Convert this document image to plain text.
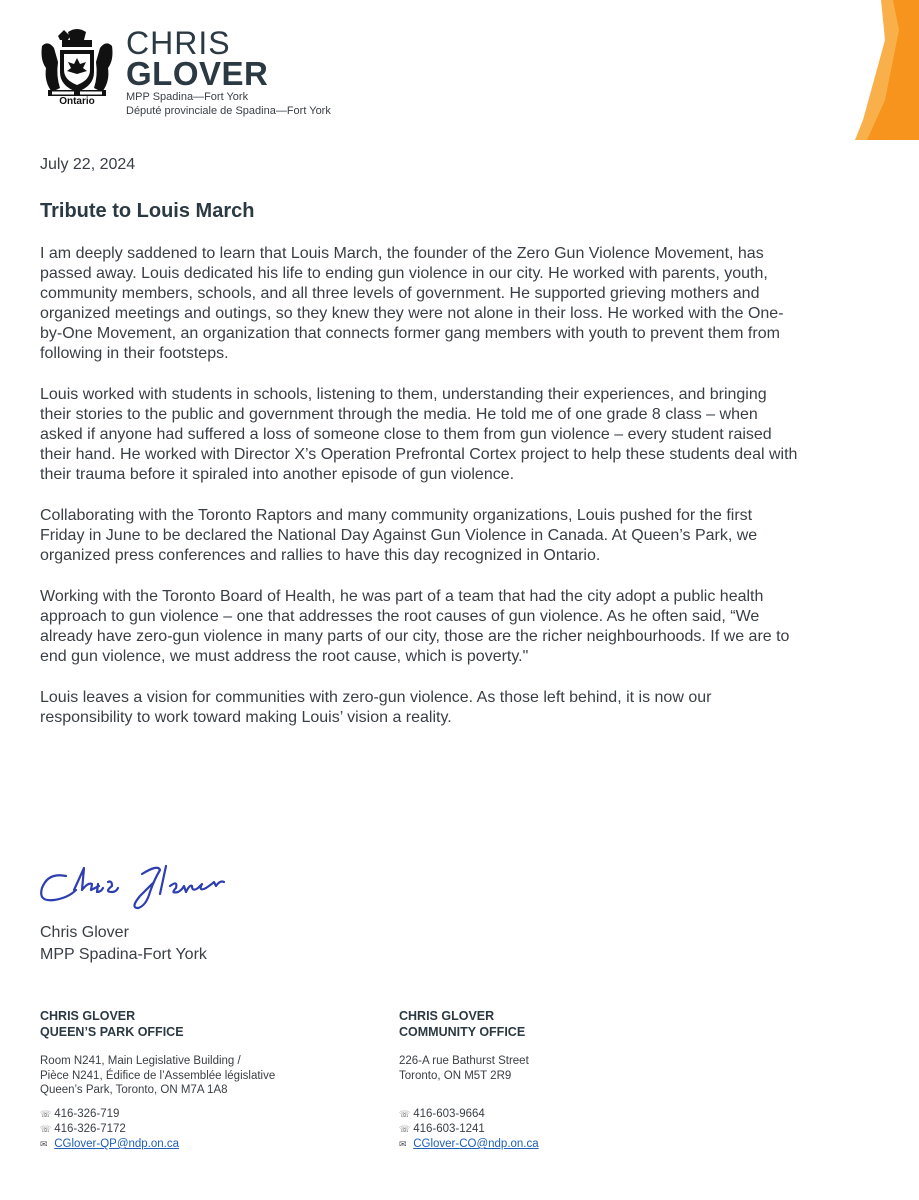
Ontario
CHRIS
GLOVER
MPP Spadina—Fort York
Député provinciale de Spadina—Fort York
July 22, 2024
Tribute to Louis March

I am deeply saddened to learn that Louis March, the founder of the Zero Gun Violence Movement, has passed away. Louis dedicated his life to ending gun violence in our city. He worked with parents, youth, community members, schools, and all three levels of government. He supported grieving mothers and organized meetings and outings, so they knew they were not alone in their loss. He worked with the One-by-One Movement, an organization that connects former gang members with youth to prevent them from following in their footsteps.

Louis worked with students in schools, listening to them, understanding their experiences, and bringing their stories to the public and government through the media. He told me of one grade 8 class – when asked if anyone had suffered a loss of someone close to them from gun violence – every student raised their hand. He worked with Director X’s Operation Prefrontal Cortex project to help these students deal with their trauma before it spiraled into another episode of gun violence.

Collaborating with the Toronto Raptors and many community organizations, Louis pushed for the first Friday in June to be declared the National Day Against Gun Violence in Canada. At Queen’s Park, we organized press conferences and rallies to have this day recognized in Ontario.

Working with the Toronto Board of Health, he was part of a team that had the city adopt a public health approach to gun violence – one that addresses the root causes of gun violence. As he often said, “We already have zero-gun violence in many parts of our city, those are the richer neighbourhoods. If we are to end gun violence, we must address the root cause, which is poverty."

Louis leaves a vision for communities with zero-gun violence. As those left behind, it is now our responsibility to work toward making Louis’ vision a reality.

Chris Glover
MPP Spadina-Fort York
CHRIS GLOVER
QUEEN’S PARK OFFICE
Room N241, Main Legislative Building /
Pièce N241, Édifice de l’Assemblée législative
Queen’s Park, Toronto, ON M7A 1A8
☏ 416-326-719
☏ 416-326-7172
✉ CGlover-QP@ndp.on.ca
CHRIS GLOVER
COMMUNITY OFFICE
226-A rue Bathurst Street
Toronto, ON M5T 2R9
☏ 416-603-9664
☏ 416-603-1241
✉ CGlover-CO@ndp.on.ca
